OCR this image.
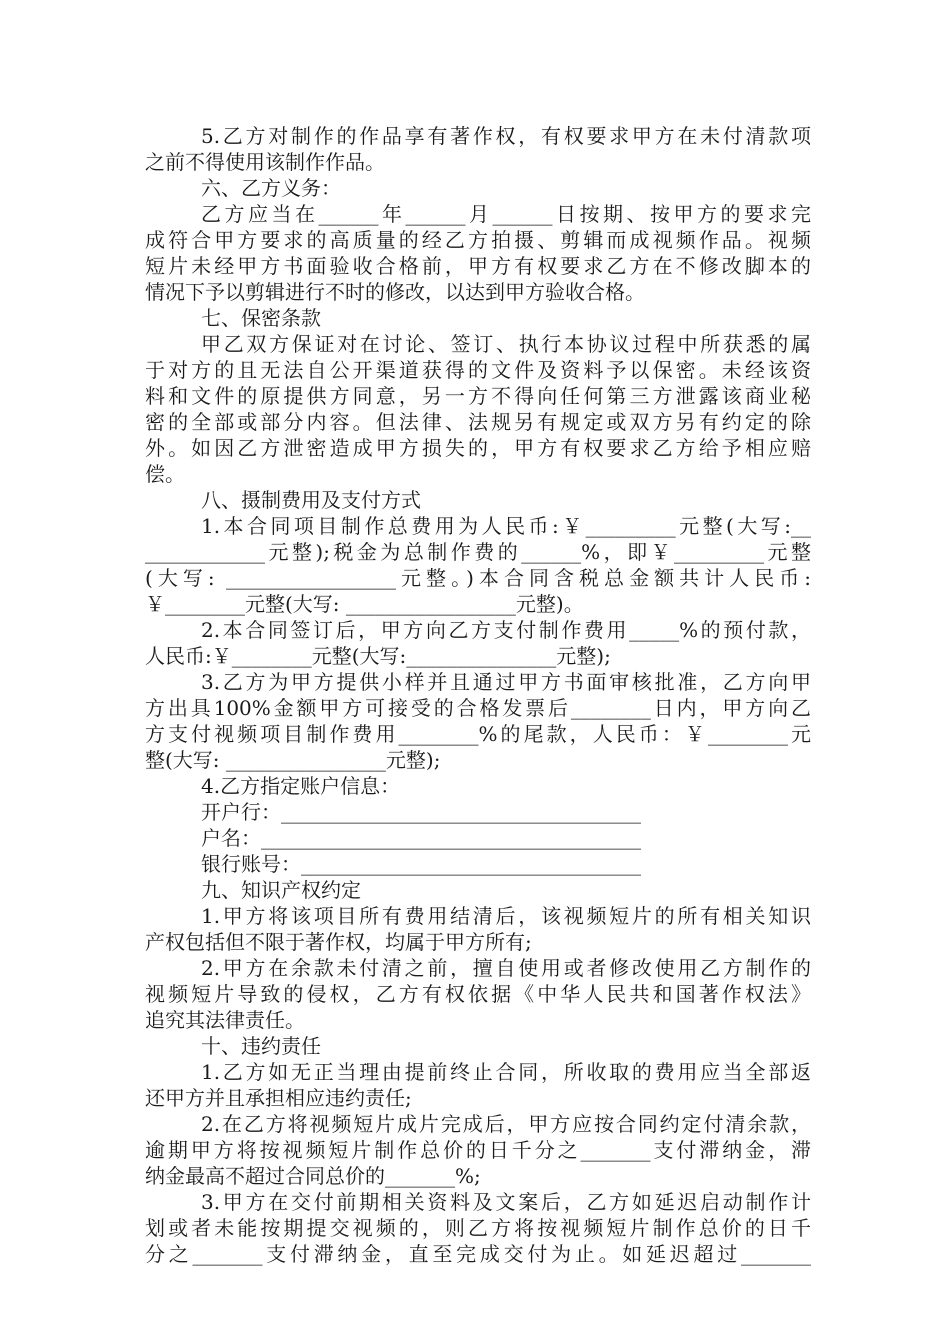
5.乙方对制作的作品享有著作权，有权要求甲方在未付清款项
之前不得使用该制作作品。
六、乙方义务：
乙方应当在______年______月______日按期、按甲方的要求完
成符合甲方要求的高质量的经乙方拍摄、剪辑而成视频作品。视频
短片未经甲方书面验收合格前，甲方有权要求乙方在不修改脚本的
情况下予以剪辑进行不时的修改，以达到甲方验收合格。
七、保密条款
甲乙双方保证对在讨论、签订、执行本协议过程中所获悉的属
于对方的且无法自公开渠道获得的文件及资料予以保密。未经该资
料和文件的原提供方同意，另一方不得向任何第三方泄露该商业秘
密的全部或部分内容。但法律、法规另有规定或双方另有约定的除
外。如因乙方泄密造成甲方损失的，甲方有权要求乙方给予相应赔
偿。
八、摄制费用及支付方式
1.本合同项目制作总费用为人民币:￥_________元整(大写:__
____________元整);税金为总制作费的______%，即￥_________元整
(大写: _________________元整。)本合同含税总金额共计人民币:
￥________元整(大写: _________________元整)。
2.本合同签订后，甲方向乙方支付制作费用_____%的预付款，
人民币:￥________元整(大写:_______________元整);
3.乙方为甲方提供小样并且通过甲方书面审核批准，乙方向甲
方出具100%金额甲方可接受的合格发票后________日内，甲方向乙
方支付视频项目制作费用________%的尾款，人民币：￥________元
整(大写: ________________元整);
4.乙方指定账户信息：
开户行：____________________________________
户名：______________________________________
银行账号：__________________________________
九、知识产权约定
1.甲方将该项目所有费用结清后，该视频短片的所有相关知识
产权包括但不限于著作权，均属于甲方所有;
2.甲方在余款未付清之前，擅自使用或者修改使用乙方制作的
视频短片导致的侵权，乙方有权依据《中华人民共和国著作权法》
追究其法律责任。
十、违约责任
1.乙方如无正当理由提前终止合同，所收取的费用应当全部返
还甲方并且承担相应违约责任;
2.在乙方将视频短片成片完成后，甲方应按合同约定付清余款，
逾期甲方将按视频短片制作总价的日千分之_______支付滞纳金，滞
纳金最高不超过合同总价的_______%;
3.甲方在交付前期相关资料及文案后，乙方如延迟启动制作计
划或者未能按期提交视频的，则乙方将按视频短片制作总价的日千
分之_______支付滞纳金，直至完成交付为止。如延迟超过_______
